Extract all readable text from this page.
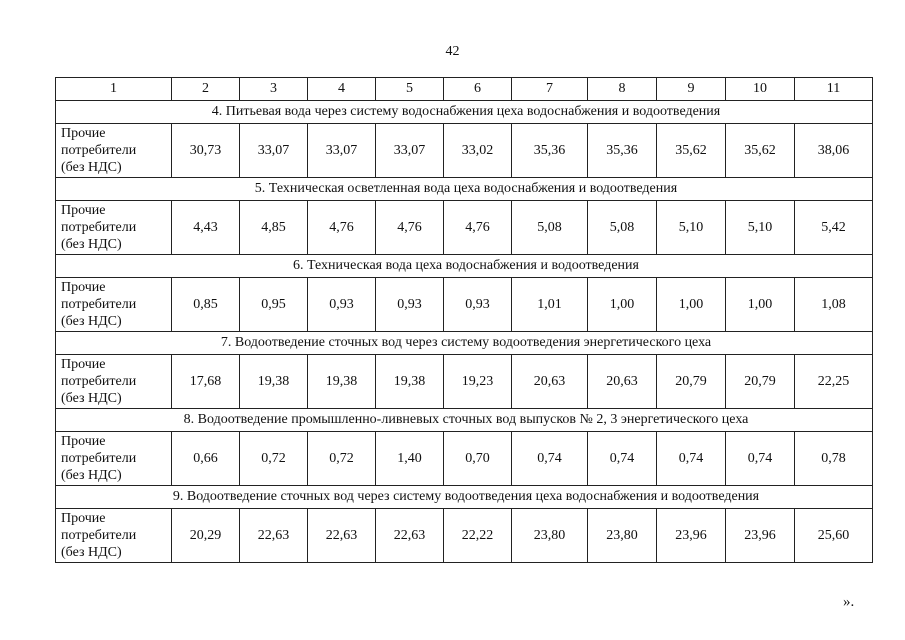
42
1	2	3	4	5	6	7	8	9	10	11
4. Питьевая вода через систему водоснабжения цеха водоснабжения и водоотведения										

Прочие
потребители
(без НДС)	30,73	33,07	33,07	33,07	33,02	35,36	35,36	35,62	35,62	38,06
5. Техническая осветленная вода цеха водоснабжения и водоотведения										

Прочие
потребители
(без НДС)	4,43	4,85	4,76	4,76	4,76	5,08	5,08	5,10	5,10	5,42
6. Техническая вода цеха водоснабжения и водоотведения										

Прочие
потребители
(без НДС)	0,85	0,95	0,93	0,93	0,93	1,01	1,00	1,00	1,00	1,08
7. Водоотведение сточных вод через систему водоотведения энергетического цеха										

Прочие
потребители
(без НДС)	17,68	19,38	19,38	19,38	19,23	20,63	20,63	20,79	20,79	22,25
8. Водоотведение промышленно-ливневых сточных вод выпусков № 2, 3 энергетического цеха										

Прочие
потребители
(без НДС)	0,66	0,72	0,72	1,40	0,70	0,74	0,74	0,74	0,74	0,78
9. Водоотведение сточных вод через систему водоотведения цеха водоснабжения и водоотведения										

Прочие
потребители
(без НДС)	20,29	22,63	22,63	22,63	22,22	23,80	23,80	23,96	23,96	25,60
».
